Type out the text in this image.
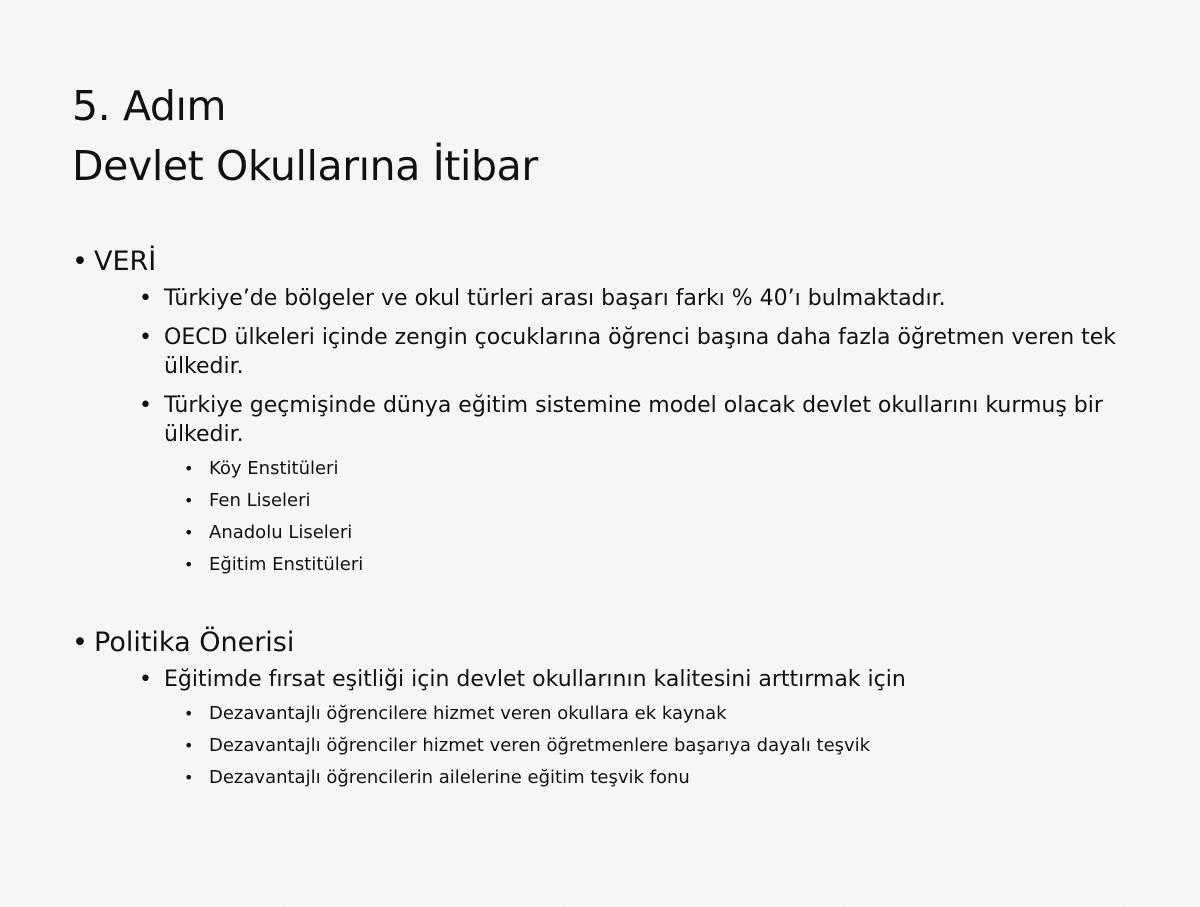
5. Adım
Devlet Okullarına İtibar
• VERİ
• Türkiye’de bölgeler ve okul türleri arası başarı farkı % 40’ı bulmaktadır.
• OECD ülkeleri içinde zengin çocuklarına öğrenci başına daha fazla öğretmen veren tek ülkedir.
• Türkiye geçmişinde dünya eğitim sistemine model olacak devlet okullarını kurmuş bir ülkedir.
• Köy Enstitüleri
• Fen Liseleri
• Anadolu Liseleri
• Eğitim Enstitüleri
• Politika Önerisi
• Eğitimde fırsat eşitliği için devlet okullarının kalitesini arttırmak için
• Dezavantajlı öğrencilere hizmet veren okullara ek kaynak
• Dezavantajlı öğrenciler hizmet veren öğretmenlere başarıya dayalı teşvik
• Dezavantajlı öğrencilerin ailelerine eğitim teşvik fonu
